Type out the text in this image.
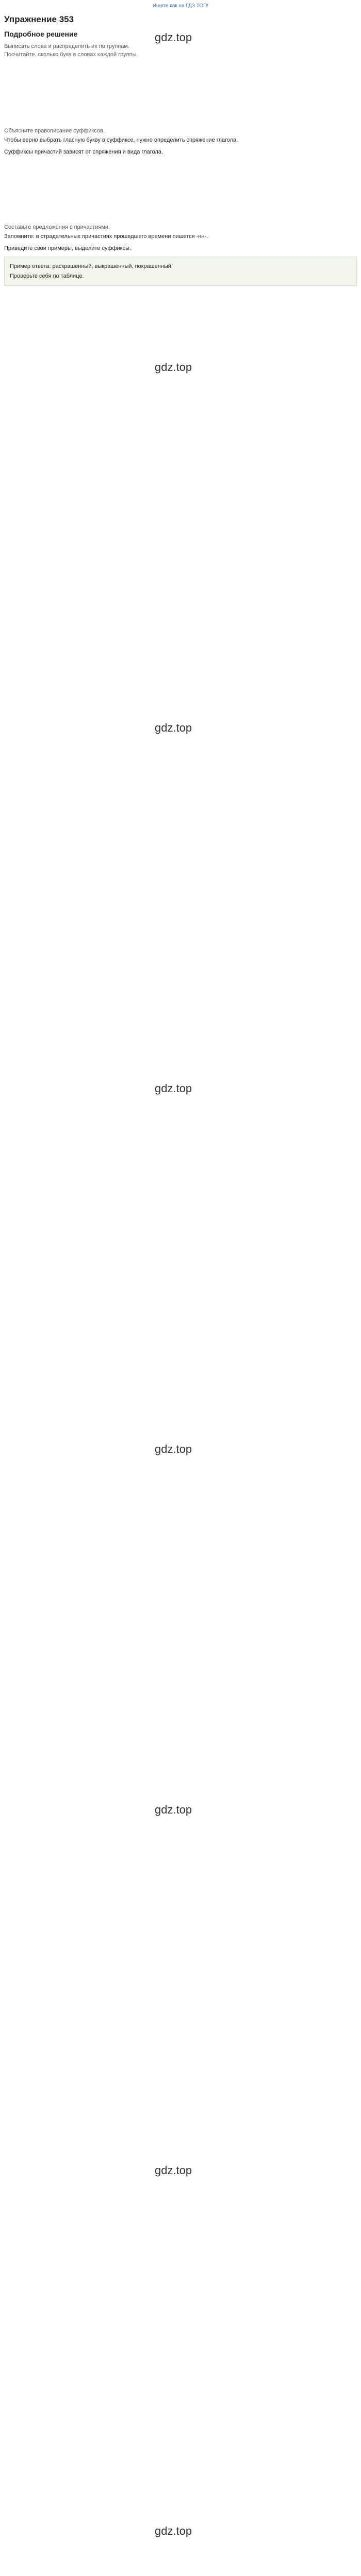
Ищете как на ГДЗ ТОП!
Упражнение 353
Подробное решение
Выписать слова и распределить их по группам.
Посчитайте, сколько букв в словах каждой группы.
Объясните правописание суффиксов.

Чтобы верно выбрать гласную букву в суффиксе, нужно определить спряжение глагола.

Суффиксы причастий зависят от спряжения и вида глагола.

Составьте предложения с причастиями.

Запомните: в страдательных причастиях прошедшего времени пишется -нн-.

Приведите свои примеры, выделите суффиксы.

Пример ответа: раскрашенный, выкрашенный, покрашенный.

Проверьте себя по таблице.

gdz.top
gdz.top
gdz.top
gdz.top
gdz.top
gdz.top
gdz.top
gdz.top
